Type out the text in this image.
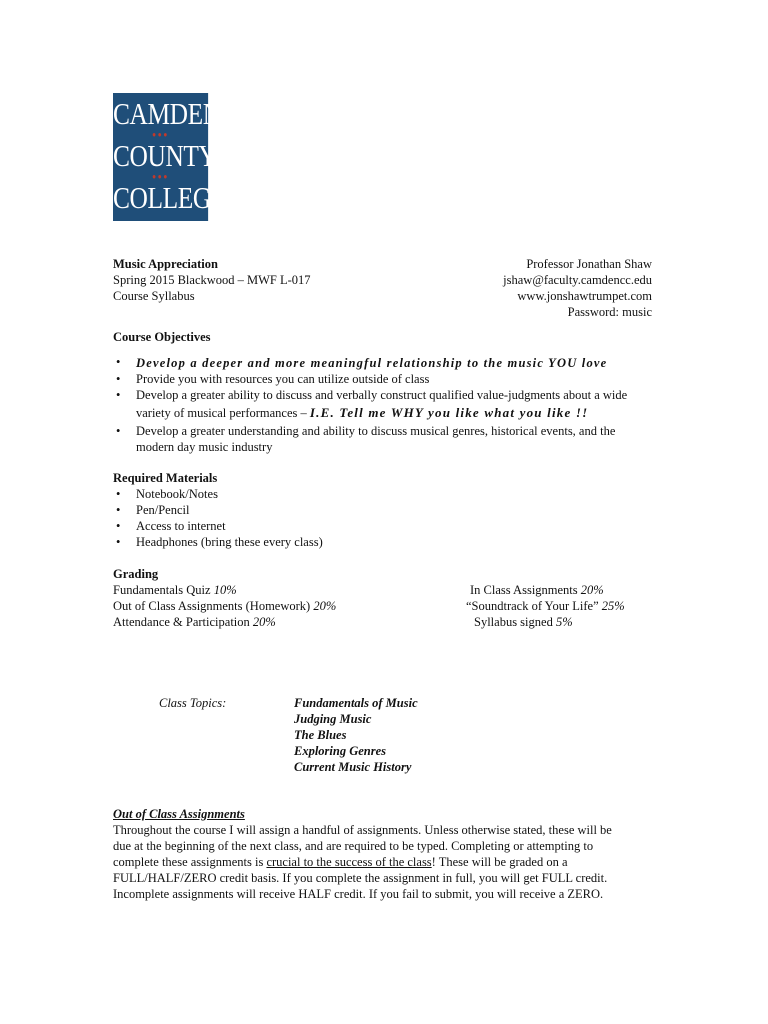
CAMDEN
●●●
COUNTY
●●●
COLLEGE
Music Appreciation
Spring 2015 Blackwood – MWF L-017
Course Syllabus
Professor Jonathan Shaw
jshaw@faculty.camdencc.edu
www.jonshawtrumpet.com
Password: music
Course Objectives
• Develop a deeper and more meaningful relationship to the music YOU love
• Provide you with resources you can utilize outside of class
• Develop a greater ability to discuss and verbally construct qualified value-judgments about a wide
variety of musical performances – I.E. Tell me WHY you like what you like !!
• Develop a greater understanding and ability to discuss musical genres, historical events, and the
modern day music industry
Required Materials
• Notebook/Notes
• Pen/Pencil
• Access to internet
• Headphones (bring these every class)
Grading
Fundamentals Quiz 10%
Out of Class Assignments (Homework) 20%
Attendance & Participation 20%
In Class Assignments 20%
“Soundtrack of Your Life” 25%
Syllabus signed 5%
Class Topics:	Fundamentals of Music
Judging Music
The Blues
Exploring Genres
Current Music History
Out of Class Assignments
Throughout the course I will assign a handful of assignments. Unless otherwise stated, these will be
due at the beginning of the next class, and are required to be typed. Completing or attempting to
complete these assignments is crucial to the success of the class! These will be graded on a
FULL/HALF/ZERO credit basis. If you complete the assignment in full, you will get FULL credit.
Incomplete assignments will receive HALF credit. If you fail to submit, you will receive a ZERO.
